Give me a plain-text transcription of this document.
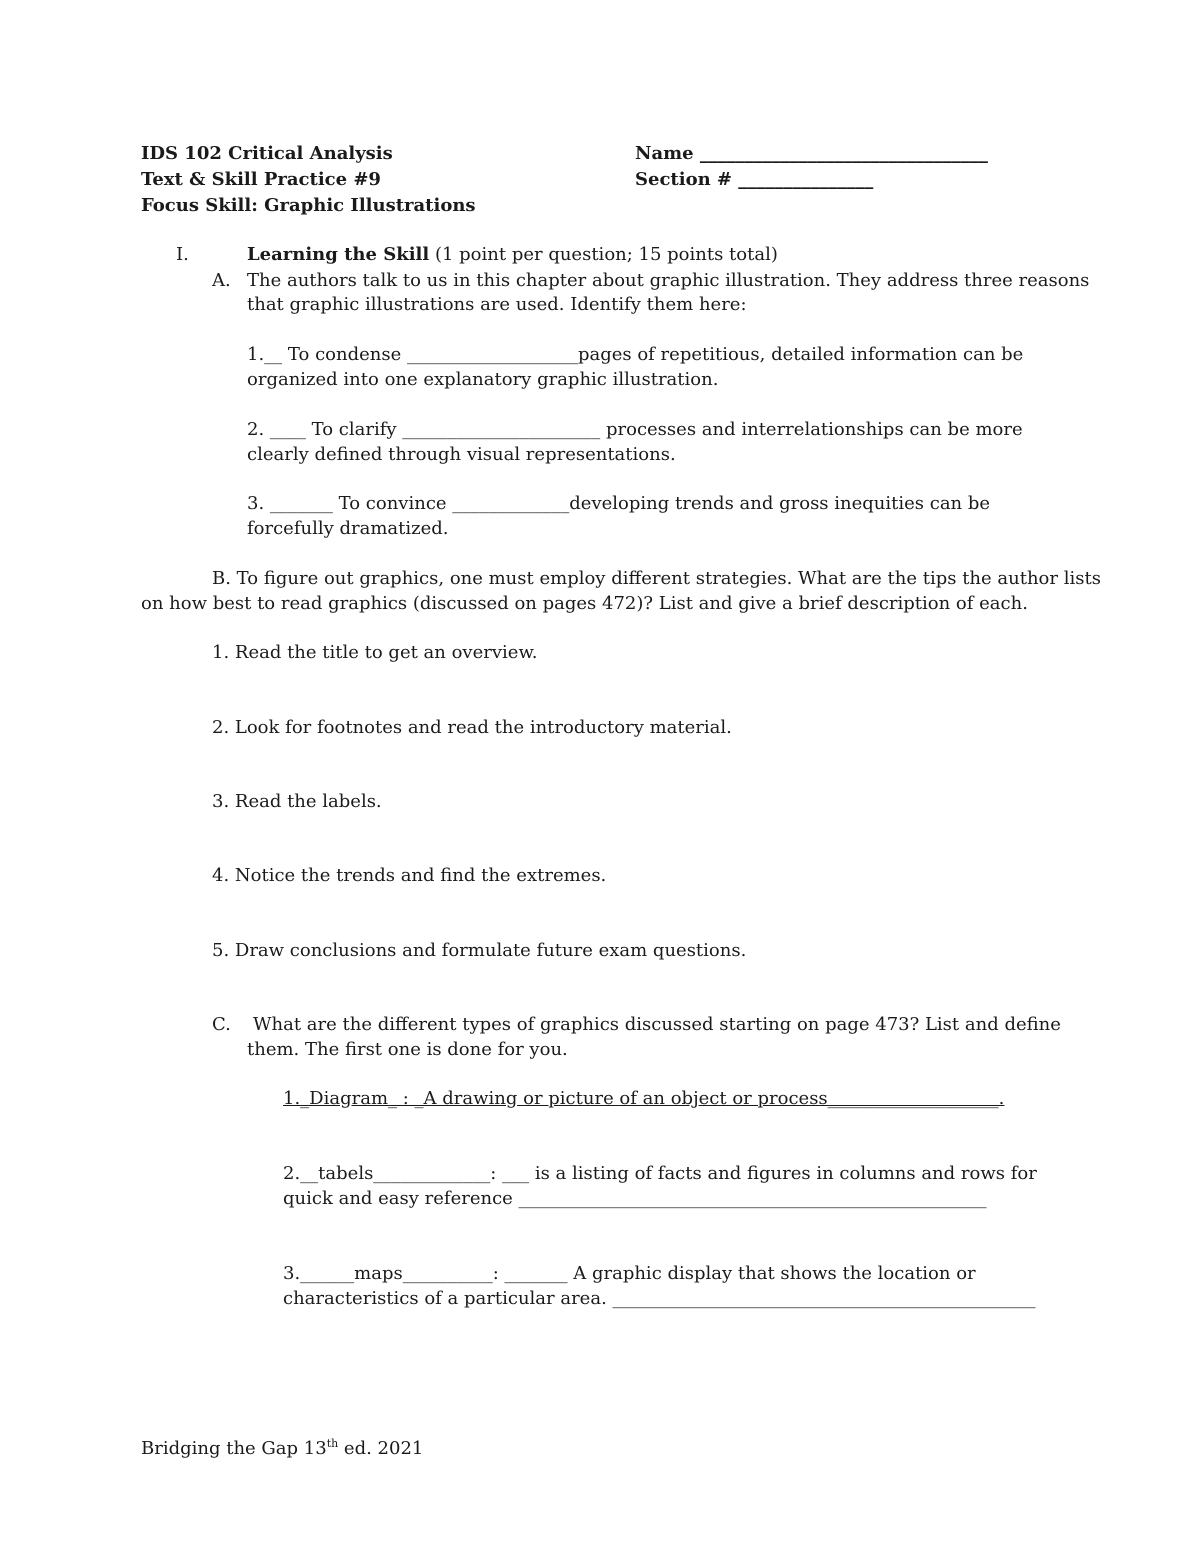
IDS 102 Critical Analysis
Text & Skill Practice #9
Focus Skill: Graphic Illustrations
Name ________________________________
Section # _______________
I.	Learning the Skill (1 point per question; 15 points total)
A. The authors talk to us in this chapter about graphic illustration. They address three reasons
that graphic illustrations are used. Identify them here:
1.__ To condense ___________________pages of repetitious, detailed information can be
organized into one explanatory graphic illustration.
2. ____ To clarify ______________________ processes and interrelationships can be more
clearly defined through visual representations.
3. _______ To convince _____________developing trends and gross inequities can be
forcefully dramatized.
B. To figure out graphics, one must employ different strategies. What are the tips the author lists
on how best to read graphics (discussed on pages 472)? List and give a brief description of each.
1. Read the title to get an overview.
2. Look for footnotes and read the introductory material.
3. Read the labels.
4. Notice the trends and find the extremes.
5. Draw conclusions and formulate future exam questions.
C. What are the different types of graphics discussed starting on page 473? List and define
them. The first one is done for you.
1._Diagram_ : _A drawing or picture of an object or process___________________.
2.__tabels_____________: ___ is a listing of facts and figures in columns and rows for
quick and easy reference ____________________________________________________
3.______maps__________: _______ A graphic display that shows the location or
characteristics of a particular area. _______________________________________________
Bridging the Gap 13th ed. 2021
